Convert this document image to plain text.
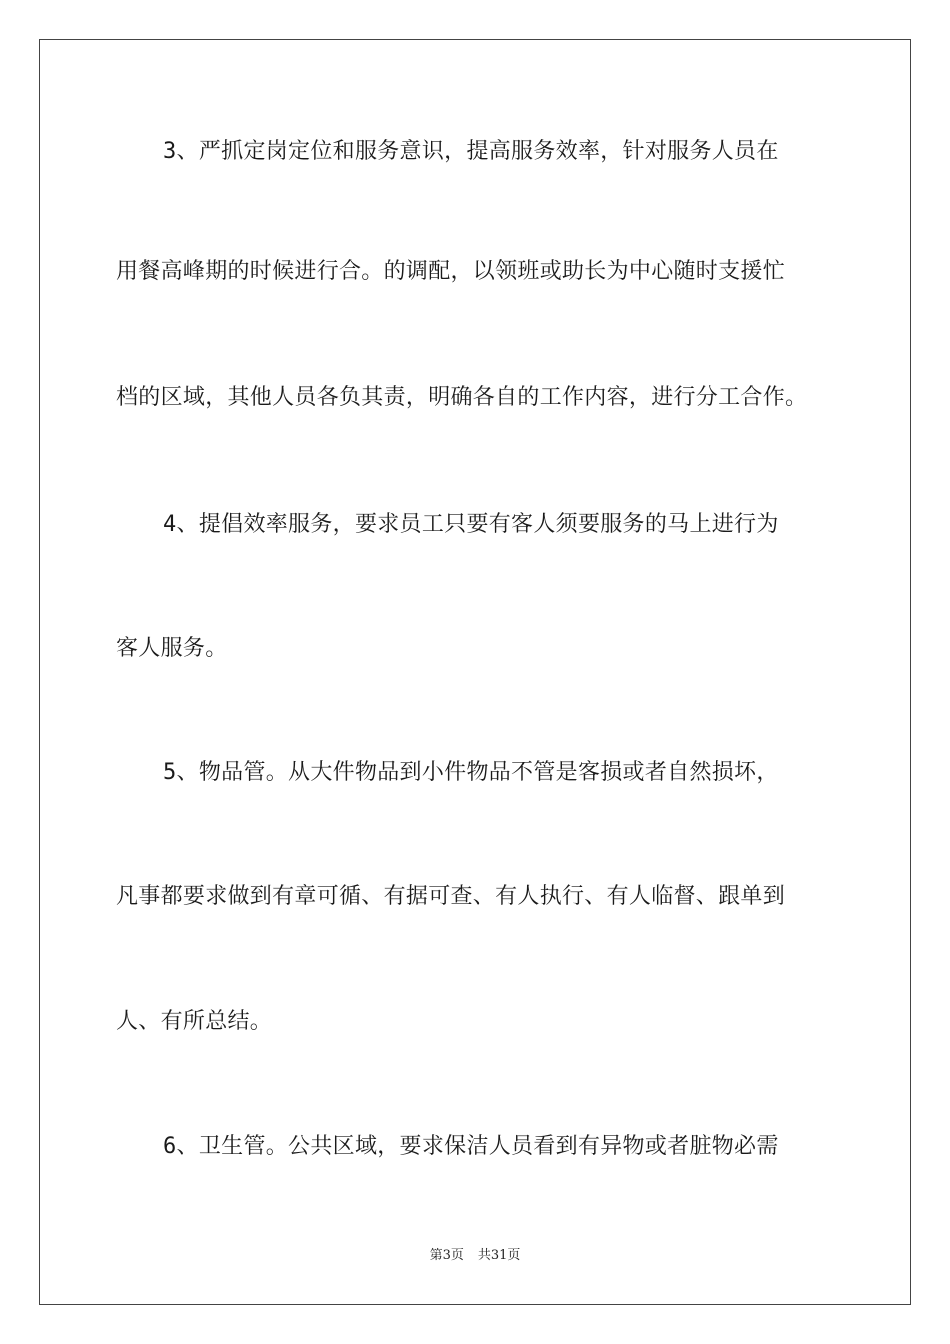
3、严抓定岗定位和服务意识，提高服务效率，针对服务人员在
用餐高峰期的时候进行合。的调配，以领班或助长为中心随时支援忙
档的区域，其他人员各负其责，明确各自的工作内容，进行分工合作。
4、提倡效率服务，要求员工只要有客人须要服务的马上进行为
客人服务。
5、物品管。从大件物品到小件物品不管是客损或者自然损坏，
凡事都要求做到有章可循、有据可查、有人执行、有人临督、跟单到
人、有所总结。
6、卫生管。公共区域，要求保洁人员看到有异物或者脏物必需
第3页 共31页
